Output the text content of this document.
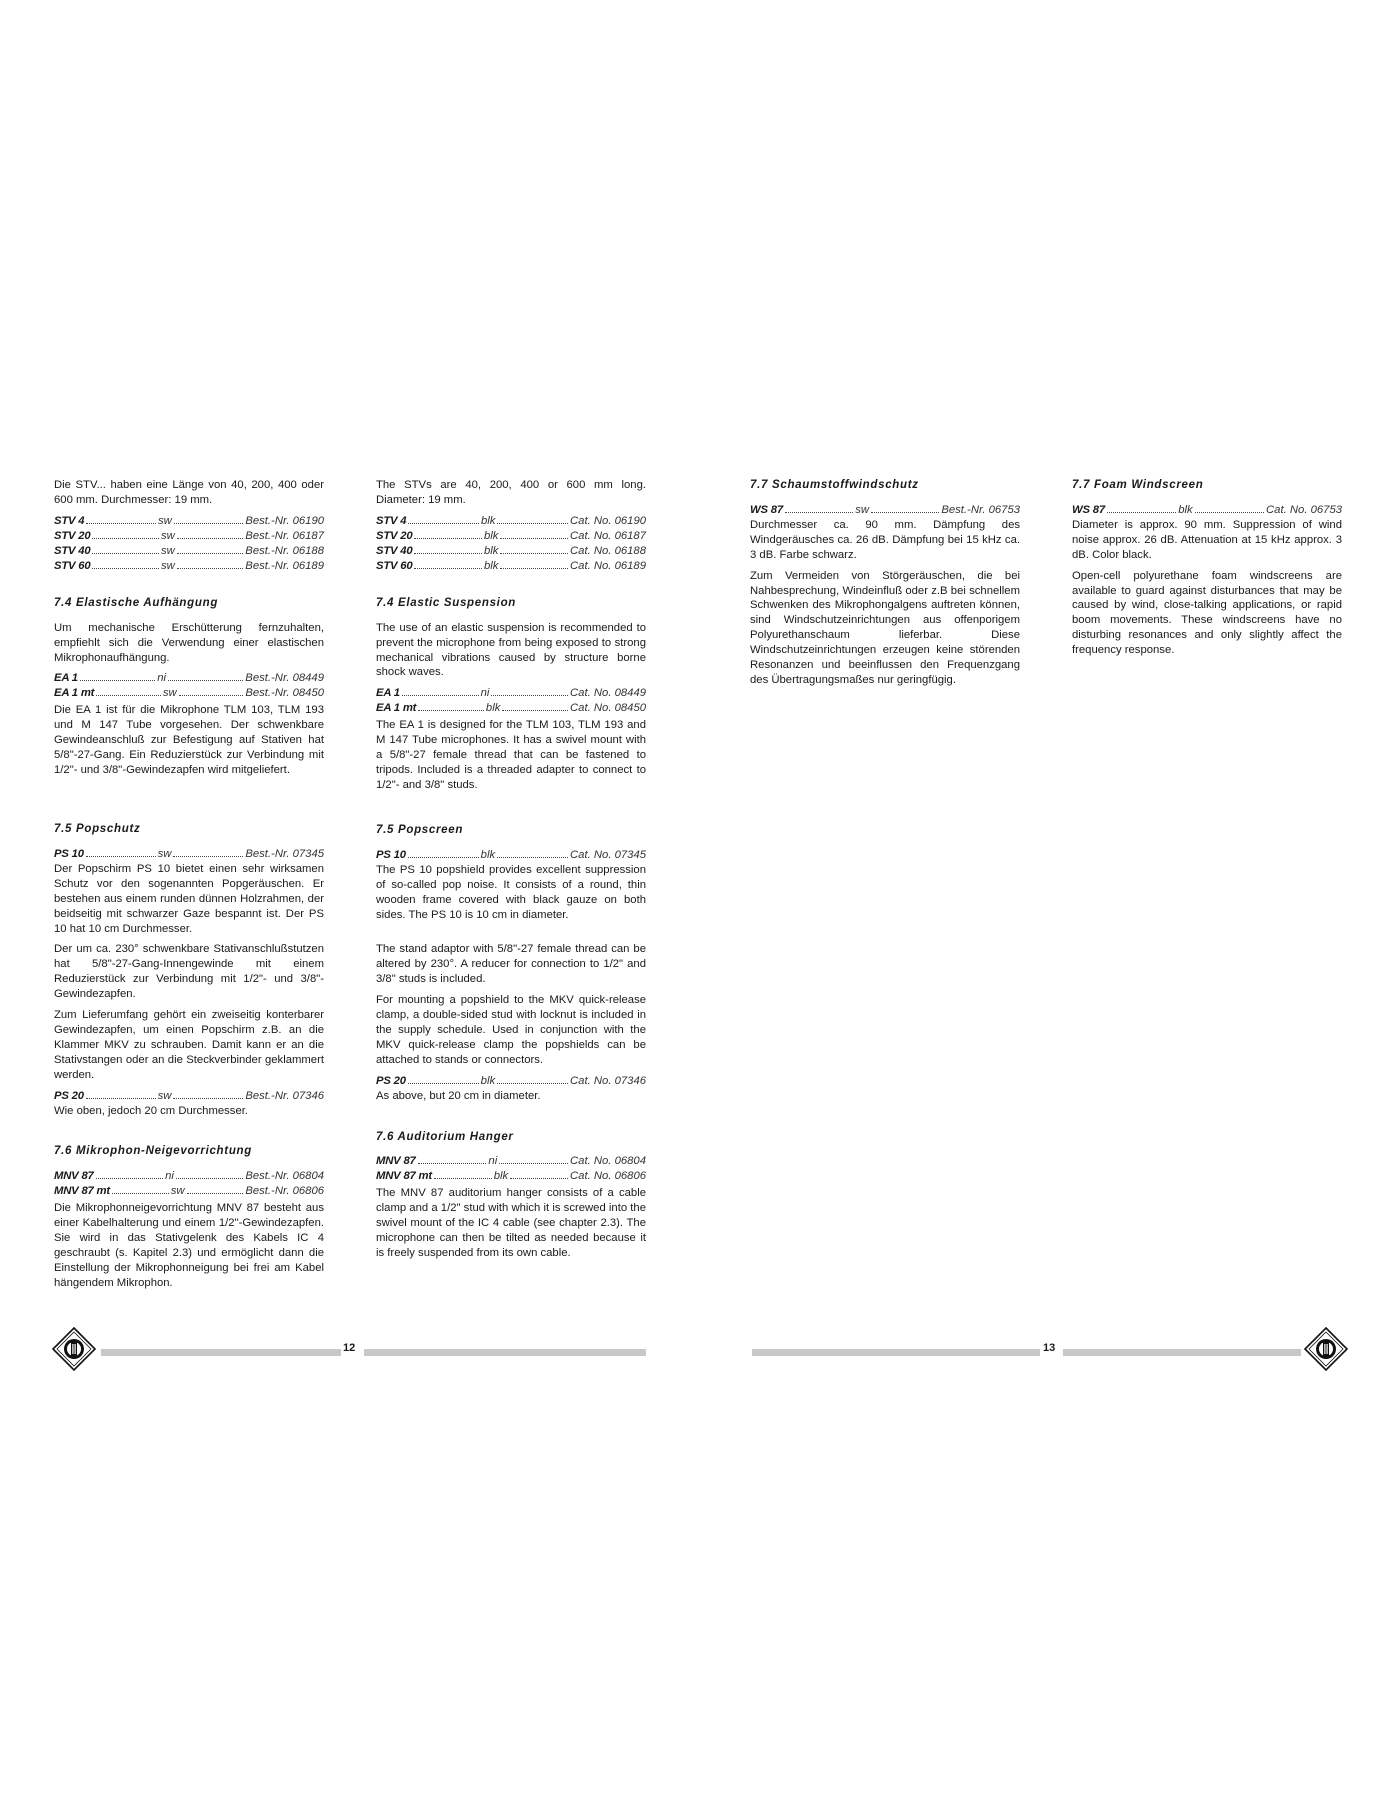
Die STV... haben eine Länge von 40, 200, 400 oder 600 mm. Durchmesser: 19 mm.

STV 4	sw	Best.-Nr. 06190
STV 20	sw	Best.-Nr. 06187
STV 40	sw	Best.-Nr. 06188
STV 60	sw	Best.-Nr. 06189
7.4 Elastische Aufhängung

Um mechanische Erschütterung fernzuhalten, empfiehlt sich die Verwendung einer elastischen Mikrophonaufhängung.

EA 1	ni	Best.-Nr. 08449
EA 1 mt	sw	Best.-Nr. 08450

Die EA 1 ist für die Mikrophone TLM 103, TLM 193 und M 147 Tube vorgesehen. Der schwenkbare Gewindeanschluß zur Befestigung auf Stativen hat 5/8"-27-Gang. Ein Reduzierstück zur Verbindung mit 1/2"- und 3/8"-Gewindezapfen wird mitgeliefert.

7.5 Popschutz
PS 10	sw	Best.-Nr. 07345

Der Popschirm PS 10 bietet einen sehr wirksamen Schutz vor den sogenannten Popgeräuschen. Er bestehen aus einem runden dünnen Holzrahmen, der beidseitig mit schwarzer Gaze bespannt ist. Der PS 10 hat 10 cm Durchmesser.

Der um ca. 230° schwenkbare Stativanschlußstutzen hat 5/8"-27-Gang-Innengewinde mit einem Reduzierstück zur Verbindung mit 1/2"- und 3/8"-Gewindezapfen.

Zum Lieferumfang gehört ein zweiseitig konterbarer Gewindezapfen, um einen Popschirm z.B. an die Klammer MKV zu schrauben. Damit kann er an die Stativstangen oder an die Steckverbinder geklammert werden.

PS 20	sw	Best.-Nr. 07346

Wie oben, jedoch 20 cm Durchmesser.

7.6 Mikrophon-Neigevorrichtung
MNV 87	ni	Best.-Nr. 06804
MNV 87 mt	sw	Best.-Nr. 06806

Die Mikrophonneigevorrichtung MNV 87 besteht aus einer Kabelhalterung und einem 1/2"-Gewindezapfen. Sie wird in das Stativgelenk des Kabels IC 4 geschraubt (s. Kapitel 2.3) und ermöglicht dann die Einstellung der Mikrophonneigung bei frei am Kabel hängendem Mikrophon.

The STVs are 40, 200, 400 or 600 mm long. Diameter: 19 mm.

STV 4	blk	Cat. No. 06190
STV 20	blk	Cat. No. 06187
STV 40	blk	Cat. No. 06188
STV 60	blk	Cat. No. 06189
7.4 Elastic Suspension

The use of an elastic suspension is recommended to prevent the microphone from being exposed to strong mechanical vibrations caused by structure borne shock waves.

EA 1	ni	Cat. No. 08449
EA 1 mt	blk	Cat. No. 08450

The EA 1 is designed for the TLM 103, TLM 193 and M 147 Tube microphones. It has a swivel mount with a 5/8"-27 female thread that can be fastened to tripods. Included is a threaded adapter to connect to 1/2"- and 3/8" studs.

7.5 Popscreen
PS 10	blk	Cat. No. 07345

The PS 10 popshield provides excellent suppression of so-called pop noise. It consists of a round, thin wooden frame covered with black gauze on both sides. The PS 10 is 10 cm in diameter.

The stand adaptor with 5/8"-27 female thread can be altered by 230°. A reducer for connection to 1/2" and 3/8" studs is included.

For mounting a popshield to the MKV quick-release clamp, a double-sided stud with locknut is included in the supply schedule. Used in conjunction with the MKV quick-release clamp the popshields can be attached to stands or connectors.

PS 20	blk	Cat. No. 07346

As above, but 20 cm in diameter.

7.6 Auditorium Hanger
MNV 87	ni	Cat. No. 06804
MNV 87 mt	blk	Cat. No. 06806

The MNV 87 auditorium hanger consists of a cable clamp and a 1/2" stud with which it is screwed into the swivel mount of the IC 4 cable (see chapter 2.3). The microphone can then be tilted as needed because it is freely suspended from its own cable.

7.7 Schaumstoffwindschutz
WS 87	sw	Best.-Nr. 06753

Durchmesser ca. 90 mm. Dämpfung des Windgeräusches ca. 26 dB. Dämpfung bei 15 kHz ca. 3 dB. Farbe schwarz.

Zum Vermeiden von Störgeräuschen, die bei Nahbesprechung, Windeinfluß oder z.B bei schnellem Schwenken des Mikrophongalgens auftreten können, sind Windschutzeinrichtungen aus offenporigem Polyurethanschaum lieferbar. Diese Windschutzeinrichtungen erzeugen keine störenden Resonanzen und beeinflussen den Frequenzgang des Übertragungsmaßes nur geringfügig.

7.7 Foam Windscreen
WS 87	blk	Cat. No. 06753

Diameter is approx. 90 mm. Suppression of wind noise approx. 26 dB. Attenuation at 15 kHz approx. 3 dB. Color black.

Open-cell polyurethane foam windscreens are available to guard against disturbances that may be caused by wind, close-talking applications, or rapid boom movements. These windscreens have no disturbing resonances and only slightly affect the frequency response.

12	13
